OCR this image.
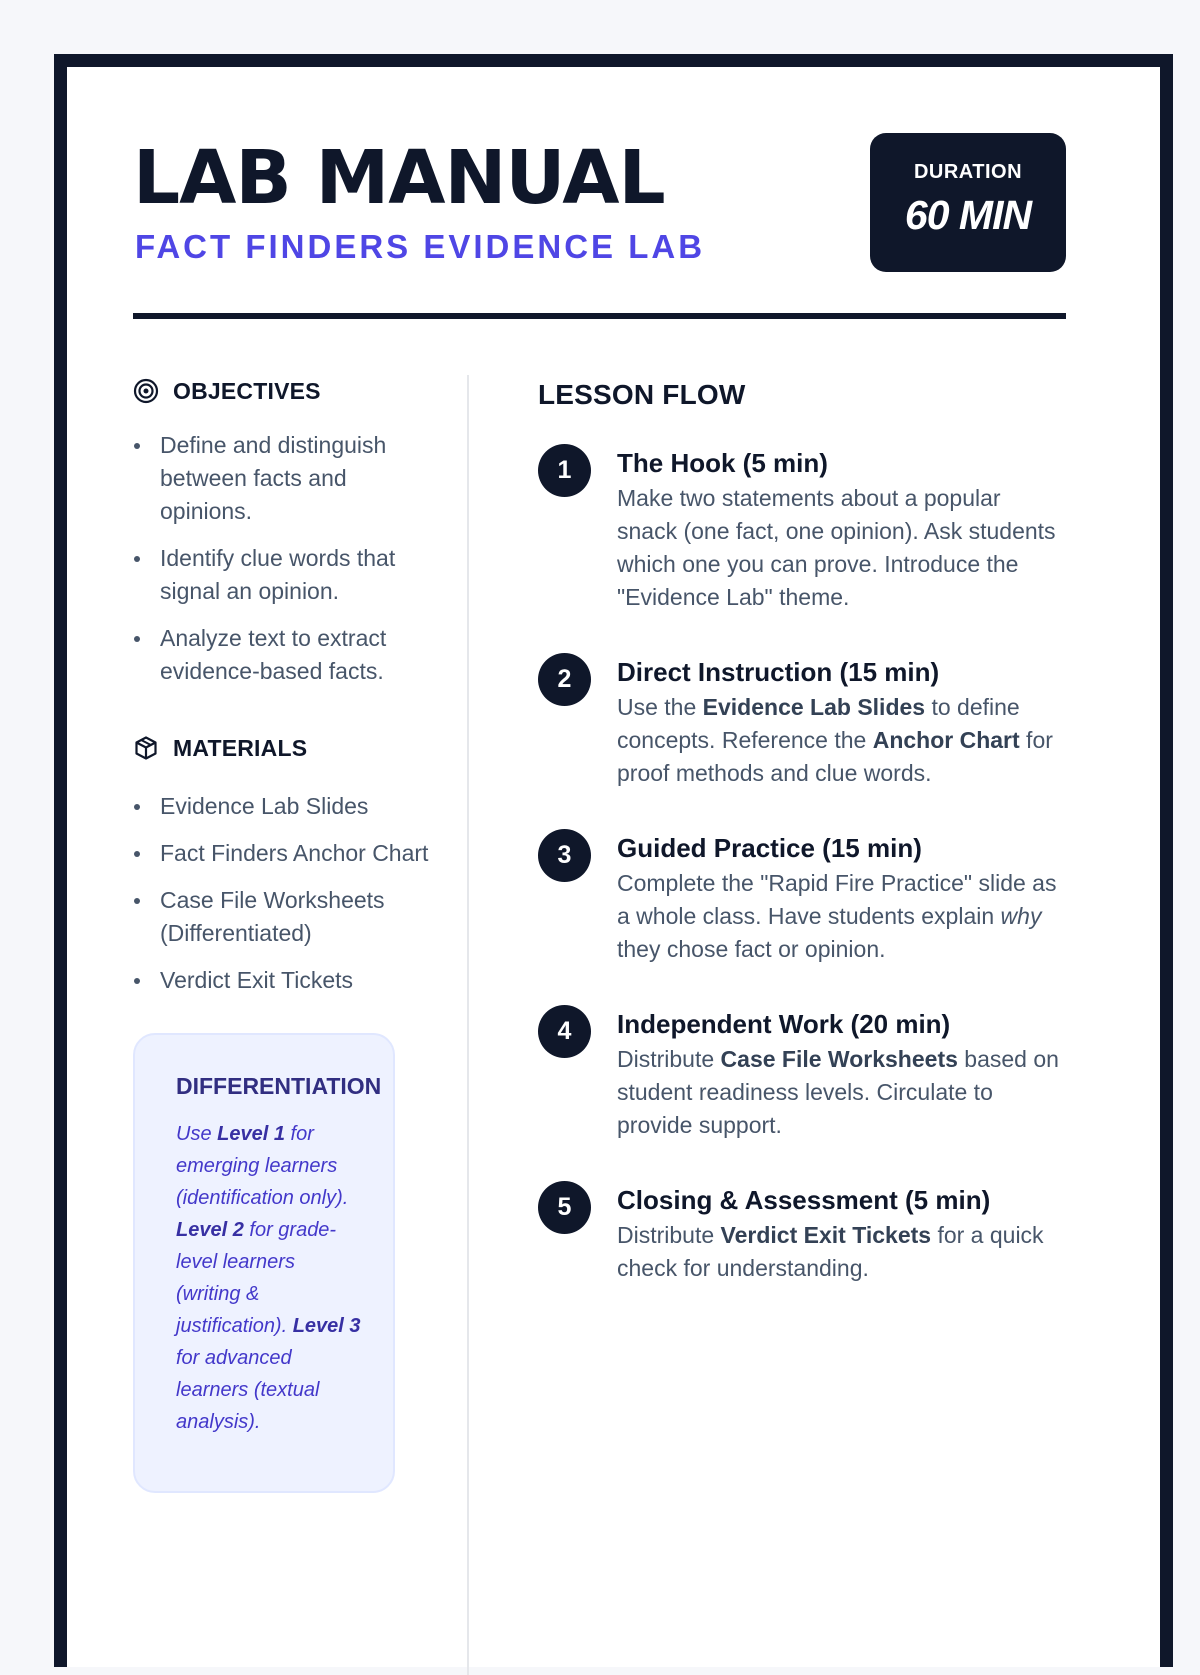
LAB MANUAL

FACT FINDERS EVIDENCE LAB

DURATION
60 MIN
OBJECTIVES
Define and distinguish between facts and opinions.
Identify clue words that signal an opinion.
Analyze text to extract evidence-based facts.
MATERIALS
Evidence Lab Slides
Fact Finders Anchor Chart
Case File Worksheets (Differentiated)
Verdict Exit Tickets
DIFFERENTIATION

Use Level 1 for emerging learners (identification only). Level 2 for grade-level learners (writing & justification). Level 3 for advanced learners (textual analysis).

LESSON FLOW
1	The Hook (5 min)

Make two statements about a popular snack (one fact, one opinion). Ask students which one you can prove. Introduce the "Evidence Lab" theme.

2	Direct Instruction (15 min)

Use the Evidence Lab Slides to define concepts. Reference the Anchor Chart for proof methods and clue words.

3	Guided Practice (15 min)

Complete the "Rapid Fire Practice" slide as a whole class. Have students explain why they chose fact or opinion.

4	Independent Work (20 min)

Distribute Case File Worksheets based on student readiness levels. Circulate to provide support.

5	Closing & Assessment (5 min)

Distribute Verdict Exit Tickets for a quick check for understanding.
